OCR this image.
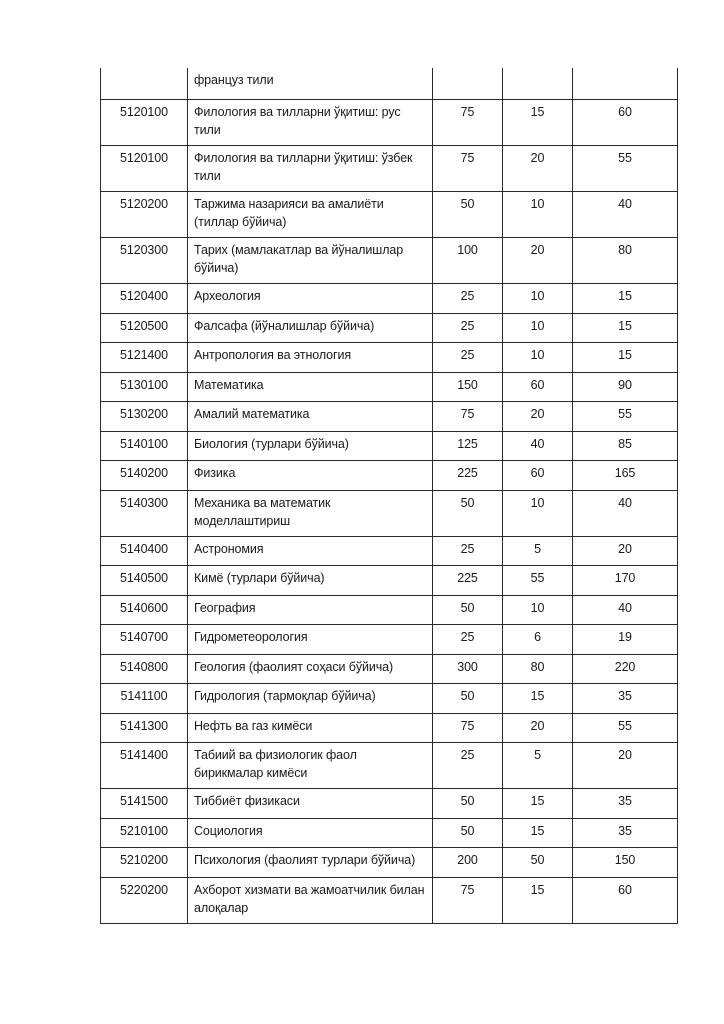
	француз тили			
5120100	Филология ва тилларни ўқитиш: рус тили	75	15	60
5120100	Филология ва тилларни ўқитиш: ўзбек тили	75	20	55
5120200	Таржима назарияси ва амалиёти (тиллар бўйича)	50	10	40
5120300	Тарих (мамлакатлар ва йўналишлар бўйича)	100	20	80
5120400	Археология	25	10	15
5120500	Фалсафа (йўналишлар бўйича)	25	10	15
5121400	Антропология ва этнология	25	10	15
5130100	Математика	150	60	90
5130200	Амалий математика	75	20	55
5140100	Биология (турлари бўйича)	125	40	85
5140200	Физика	225	60	165
5140300	Механика ва математик моделлаштириш	50	10	40
5140400	Астрономия	25	5	20
5140500	Кимё (турлари бўйича)	225	55	170
5140600	География	50	10	40
5140700	Гидрометеорология	25	6	19
5140800	Геология (фаолият соҳаси бўйича)	300	80	220
5141100	Гидрология (тармоқлар бўйича)	50	15	35
5141300	Нефть ва газ кимёси	75	20	55
5141400	Табиий ва физиологик фаол бирикмалар кимёси	25	5	20
5141500	Тиббиёт физикаси	50	15	35
5210100	Социология	50	15	35
5210200	Психология (фаолият турлари бўйича)	200	50	150
5220200	Ахборот хизмати ва жамоатчилик билан алоқалар	75	15	60
